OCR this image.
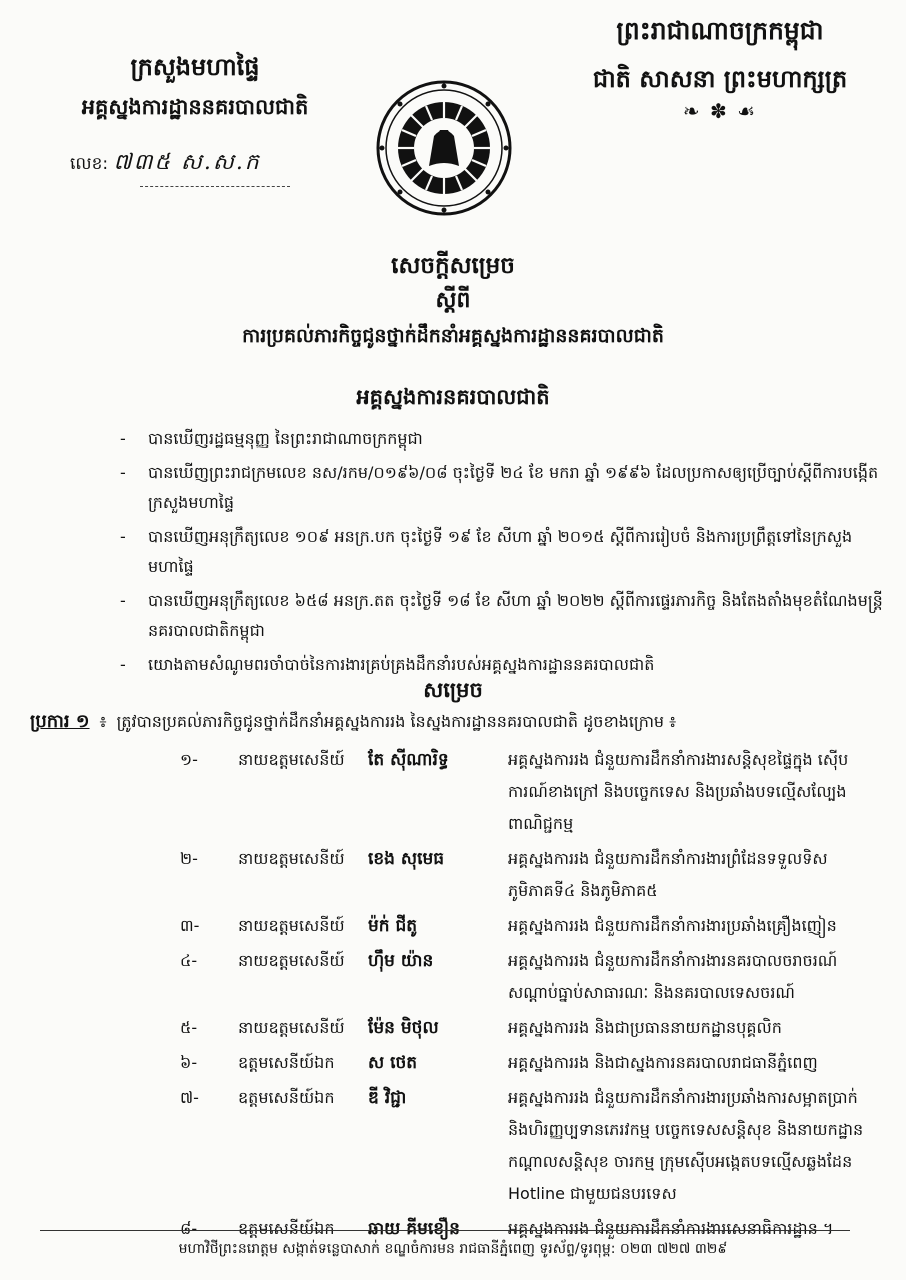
ក្រសួងមហាផ្ទៃ
អគ្គស្នងការដ្ឋាននគរបាលជាតិ
លេខ: ៧៣៥ ស.ស.ក
ព្រះរាជាណាចក្រកម្ពុជា
ជាតិ សាសនា ព្រះមហាក្សត្រ
❧ ✽ ☙
សេចក្តីសម្រេច
ស្តីពី
ការប្រគល់ភារកិច្ចជូនថ្នាក់ដឹកនាំអគ្គស្នងការដ្ឋាននគរបាលជាតិ
អគ្គស្នងការនគរបាលជាតិ
- បានឃើញរដ្ឋធម្មនុញ្ញ នៃព្រះរាជាណាចក្រកម្ពុជា
- បានឃើញព្រះរាជក្រមលេខ នស/រកម/០១៩៦/០៨ ចុះថ្ងៃទី ២៤ ខែ មករា ឆ្នាំ ១៩៩៦ ដែលប្រកាសឲ្យប្រើច្បាប់ស្តីពីការបង្កើតក្រសួងមហាផ្ទៃ
- បានឃើញអនុក្រឹត្យលេខ ១០៩ អនក្រ.បក ចុះថ្ងៃទី ១៩ ខែ សីហា ឆ្នាំ ២០១៥ ស្តីពីការរៀបចំ និងការប្រព្រឹត្តទៅនៃក្រសួងមហាផ្ទៃ
- បានឃើញអនុក្រឹត្យលេខ ៦៥៨ អនក្រ.តត ចុះថ្ងៃទី ១៨ ខែ សីហា ឆ្នាំ ២០២២ ស្តីពីការផ្ទេរភារកិច្ច និងតែងតាំងមុខតំណែងមន្ត្រីនគរបាលជាតិកម្ពុជា
- យោងតាមសំណូមពរចាំបាច់នៃការងារគ្រប់គ្រងដឹកនាំរបស់អគ្គស្នងការដ្ឋាននគរបាលជាតិ
សម្រេច
ប្រការ ១ ៖ ត្រូវបានប្រគល់ភារកិច្ចជូនថ្នាក់ដឹកនាំអគ្គស្នងការរង នៃស្នងការដ្ឋាននគរបាលជាតិ ដូចខាងក្រោម ៖
១-	នាយឧត្តមសេនីយ៍	តែ ស៊ីណារិទ្ធ	អគ្គស្នងការរង ជំនួយការដឹកនាំការងារសន្តិសុខផ្ទៃក្នុង ស៊ើបការណ៍ខាងក្រៅ និងបច្ចេកទេស និងប្រឆាំងបទល្មើសល្បែងពាណិជ្ជកម្ម
២-	នាយឧត្តមសេនីយ៍	ខេង សុមេធ	អគ្គស្នងការរង ជំនួយការដឹកនាំការងារព្រំដែនទទួលទិសភូមិភាគទី៤ និងភូមិភាគ៥
៣-	នាយឧត្តមសេនីយ៍	ម៉ក់ ជីតូ	អគ្គស្នងការរង ជំនួយការដឹកនាំការងារប្រឆាំងគ្រឿងញៀន
៤-	នាយឧត្តមសេនីយ៍	ហ៊ឹម យ៉ាន	អគ្គស្នងការរង ជំនួយការដឹកនាំការងារនគរបាលចរាចរណ៍ សណ្តាប់ធ្នាប់សាធារណៈ និងនគរបាលទេសចរណ៍
៥-	នាយឧត្តមសេនីយ៍	ម៉ែន មិថុល	អគ្គស្នងការរង និងជាប្រធាននាយកដ្ឋានបុគ្គលិក
៦-	ឧត្តមសេនីយ៍ឯក	ស ថេត	អគ្គស្នងការរង និងជាស្នងការនគរបាលរាជធានីភ្នំពេញ
៧-	ឧត្តមសេនីយ៍ឯក	ឌី វិជ្ជា	អគ្គស្នងការរង ជំនួយការដឹកនាំការងារប្រឆាំងការសម្អាតប្រាក់ និងហិរញ្ញប្បទានភេរវកម្ម បច្ចេកទេសសន្តិសុខ និងនាយកដ្ឋានកណ្តាលសន្តិសុខ ចារកម្ម ក្រុមស៊ើបអង្កេតបទល្មើសឆ្លងដែន Hotline ជាមួយជនបរទេស
៨-	ឧត្តមសេនីយ៍ឯក	ឆាយ គីមខឿន	អគ្គស្នងការរង ជំនួយការដឹកនាំការងារសេនាធិការដ្ឋាន ។
មហាវិថីព្រះនរោត្តម សង្កាត់ទន្លេបាសាក់ ខណ្ឌចំការមន រាជធានីភ្នំពេញ ទូរស័ព្ទ/ទូរពុម្ព: ០២៣ ៧២៧ ៣២៩
